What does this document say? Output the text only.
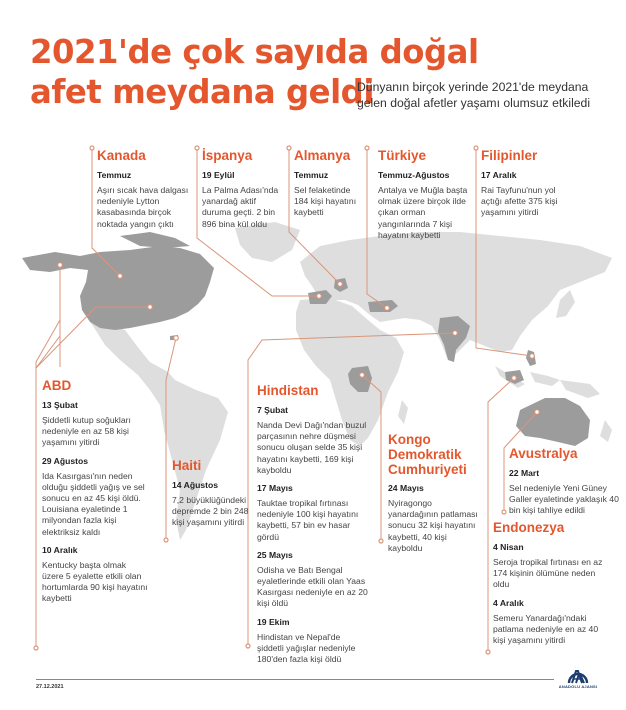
2021'de çok sayıda doğal
afet meydana geldi
Dünyanın birçok yerinde 2021'de meydana gelen doğal afetler yaşamı olumsuz etkiledi
Kanada
Temmuz
Aşırı sıcak hava dalgası nedeniyle Lytton kasabasında birçok noktada yangın çıktı
İspanya
19 Eylül
La Palma Adası'nda yanardağ aktif duruma geçti. 2 bin 896 bina kül oldu
Almanya
Temmuz
Sel felaketinde 184 kişi hayatını kaybetti
Türkiye
Temmuz-Ağustos
Antalya ve Muğla başta olmak üzere birçok ilde çıkan orman yangınlarında 7 kişi hayatını kaybetti
Filipinler
17 Aralık
Rai Tayfunu'nun yol açtığı afette 375 kişi yaşamını yitirdi
ABD
13 Şubat
Şiddetli kutup soğukları nedeniyle en az 58 kişi yaşamını yitirdi
29 Ağustos
Ida Kasırgası'nın neden olduğu şiddetli yağış ve sel sonucu en az 45 kişi öldü. Louisiana eyaletinde 1 milyondan fazla kişi elektriksiz kaldı
10 Aralık
Kentucky başta olmak üzere 5 eyalette etkili olan hortumlarda 90 kişi hayatını kaybetti
Haiti
14 Ağustos
7,2 büyüklüğündeki depremde 2 bin 248 kişi yaşamını yitirdi
Hindistan
7 Şubat
Nanda Devi Dağı'ndan buzul parçasının nehre düşmesi sonucu oluşan selde 35 kişi hayatını kaybetti, 169 kişi kayboldu
17 Mayıs
Tauktae tropikal fırtınası nedeniyle 100 kişi hayatını kaybetti, 57 bin ev hasar gördü
25 Mayıs
Odisha ve Batı Bengal eyaletlerinde etkili olan Yaas Kasırgası nedeniyle en az 20 kişi öldü
19 Ekim
Hindistan ve Nepal'de şiddetli yağışlar nedeniyle 180'den fazla kişi öldü
Kongo
Demokratik
Cumhuriyeti
24 Mayıs
Nyiragongo yanardağının patlaması sonucu 32 kişi hayatını kaybetti, 40 kişi kayboldu
Avustralya
22 Mart
Sel nedeniyle Yeni Güney Galler eyaletinde yaklaşık 40 bin kişi tahliye edildi
Endonezya
4 Nisan
Seroja tropikal fırtınası en az 174 kişinin ölümüne neden oldu
4 Aralık
Semeru Yanardağı'ndaki patlama nedeniyle en az 40 kişi yaşamını yitirdi
27.12.2021	ANADOLU AJANSI
